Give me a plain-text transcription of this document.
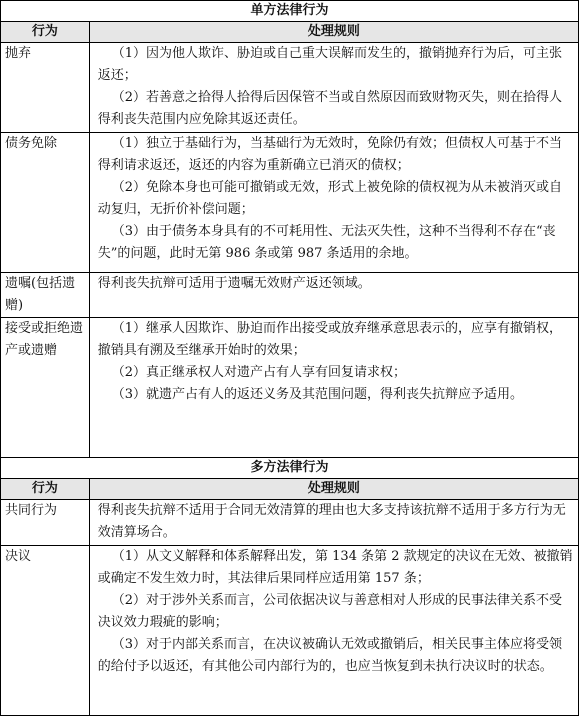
单方法律行为	
行为	处理规则
抛弃	（1）因为他人欺诈、胁迫或自己重大误解而发生的，撤销抛弃行为后，可主张返还；

（2）若善意之拾得人拾得后因保管不当或自然原因而致财物灭失，则在拾得人得利丧失范围内应免除其返还责任。

债务免除	（1）独立于基础行为，当基础行为无效时，免除仍有效；但债权人可基于不当得利请求返还，返还的内容为重新确立已消灭的债权；

（2）免除本身也可能可撤销或无效，形式上被免除的债权视为从未被消灭或自动复归，无折价补偿问题；

（3）由于债务本身具有的不可耗用性、无法灭失性，这种不当得利不存在“丧失”的问题，此时无第 986 条或第 987 条适用的余地。

遗嘱(包括遗赠)	得利丧失抗辩可适用于遗嘱无效财产返还领域。

接受或拒绝遗产或遗赠	（1）继承人因欺诈、胁迫而作出接受或放弃继承意思表示的，应享有撤销权，撤销具有溯及至继承开始时的效果；

（2）真正继承权人对遗产占有人享有回复请求权；

（3）就遗产占有人的返还义务及其范围问题，得利丧失抗辩应予适用。

多方法律行为	
行为	处理规则
共同行为	得利丧失抗辩不适用于合同无效清算的理由也大多支持该抗辩不适用于多方行为无效清算场合。

决议	（1）从文义解释和体系解释出发，第 134 条第 2 款规定的决议在无效、被撤销或确定不发生效力时，其法律后果同样应适用第 157 条；

（2）对于涉外关系而言，公司依据决议与善意相对人形成的民事法律关系不受决议效力瑕疵的影响；

（3）对于内部关系而言，在决议被确认无效或撤销后，相关民事主体应将受领的给付予以返还，有其他公司内部行为的，也应当恢复到未执行决议时的状态。
